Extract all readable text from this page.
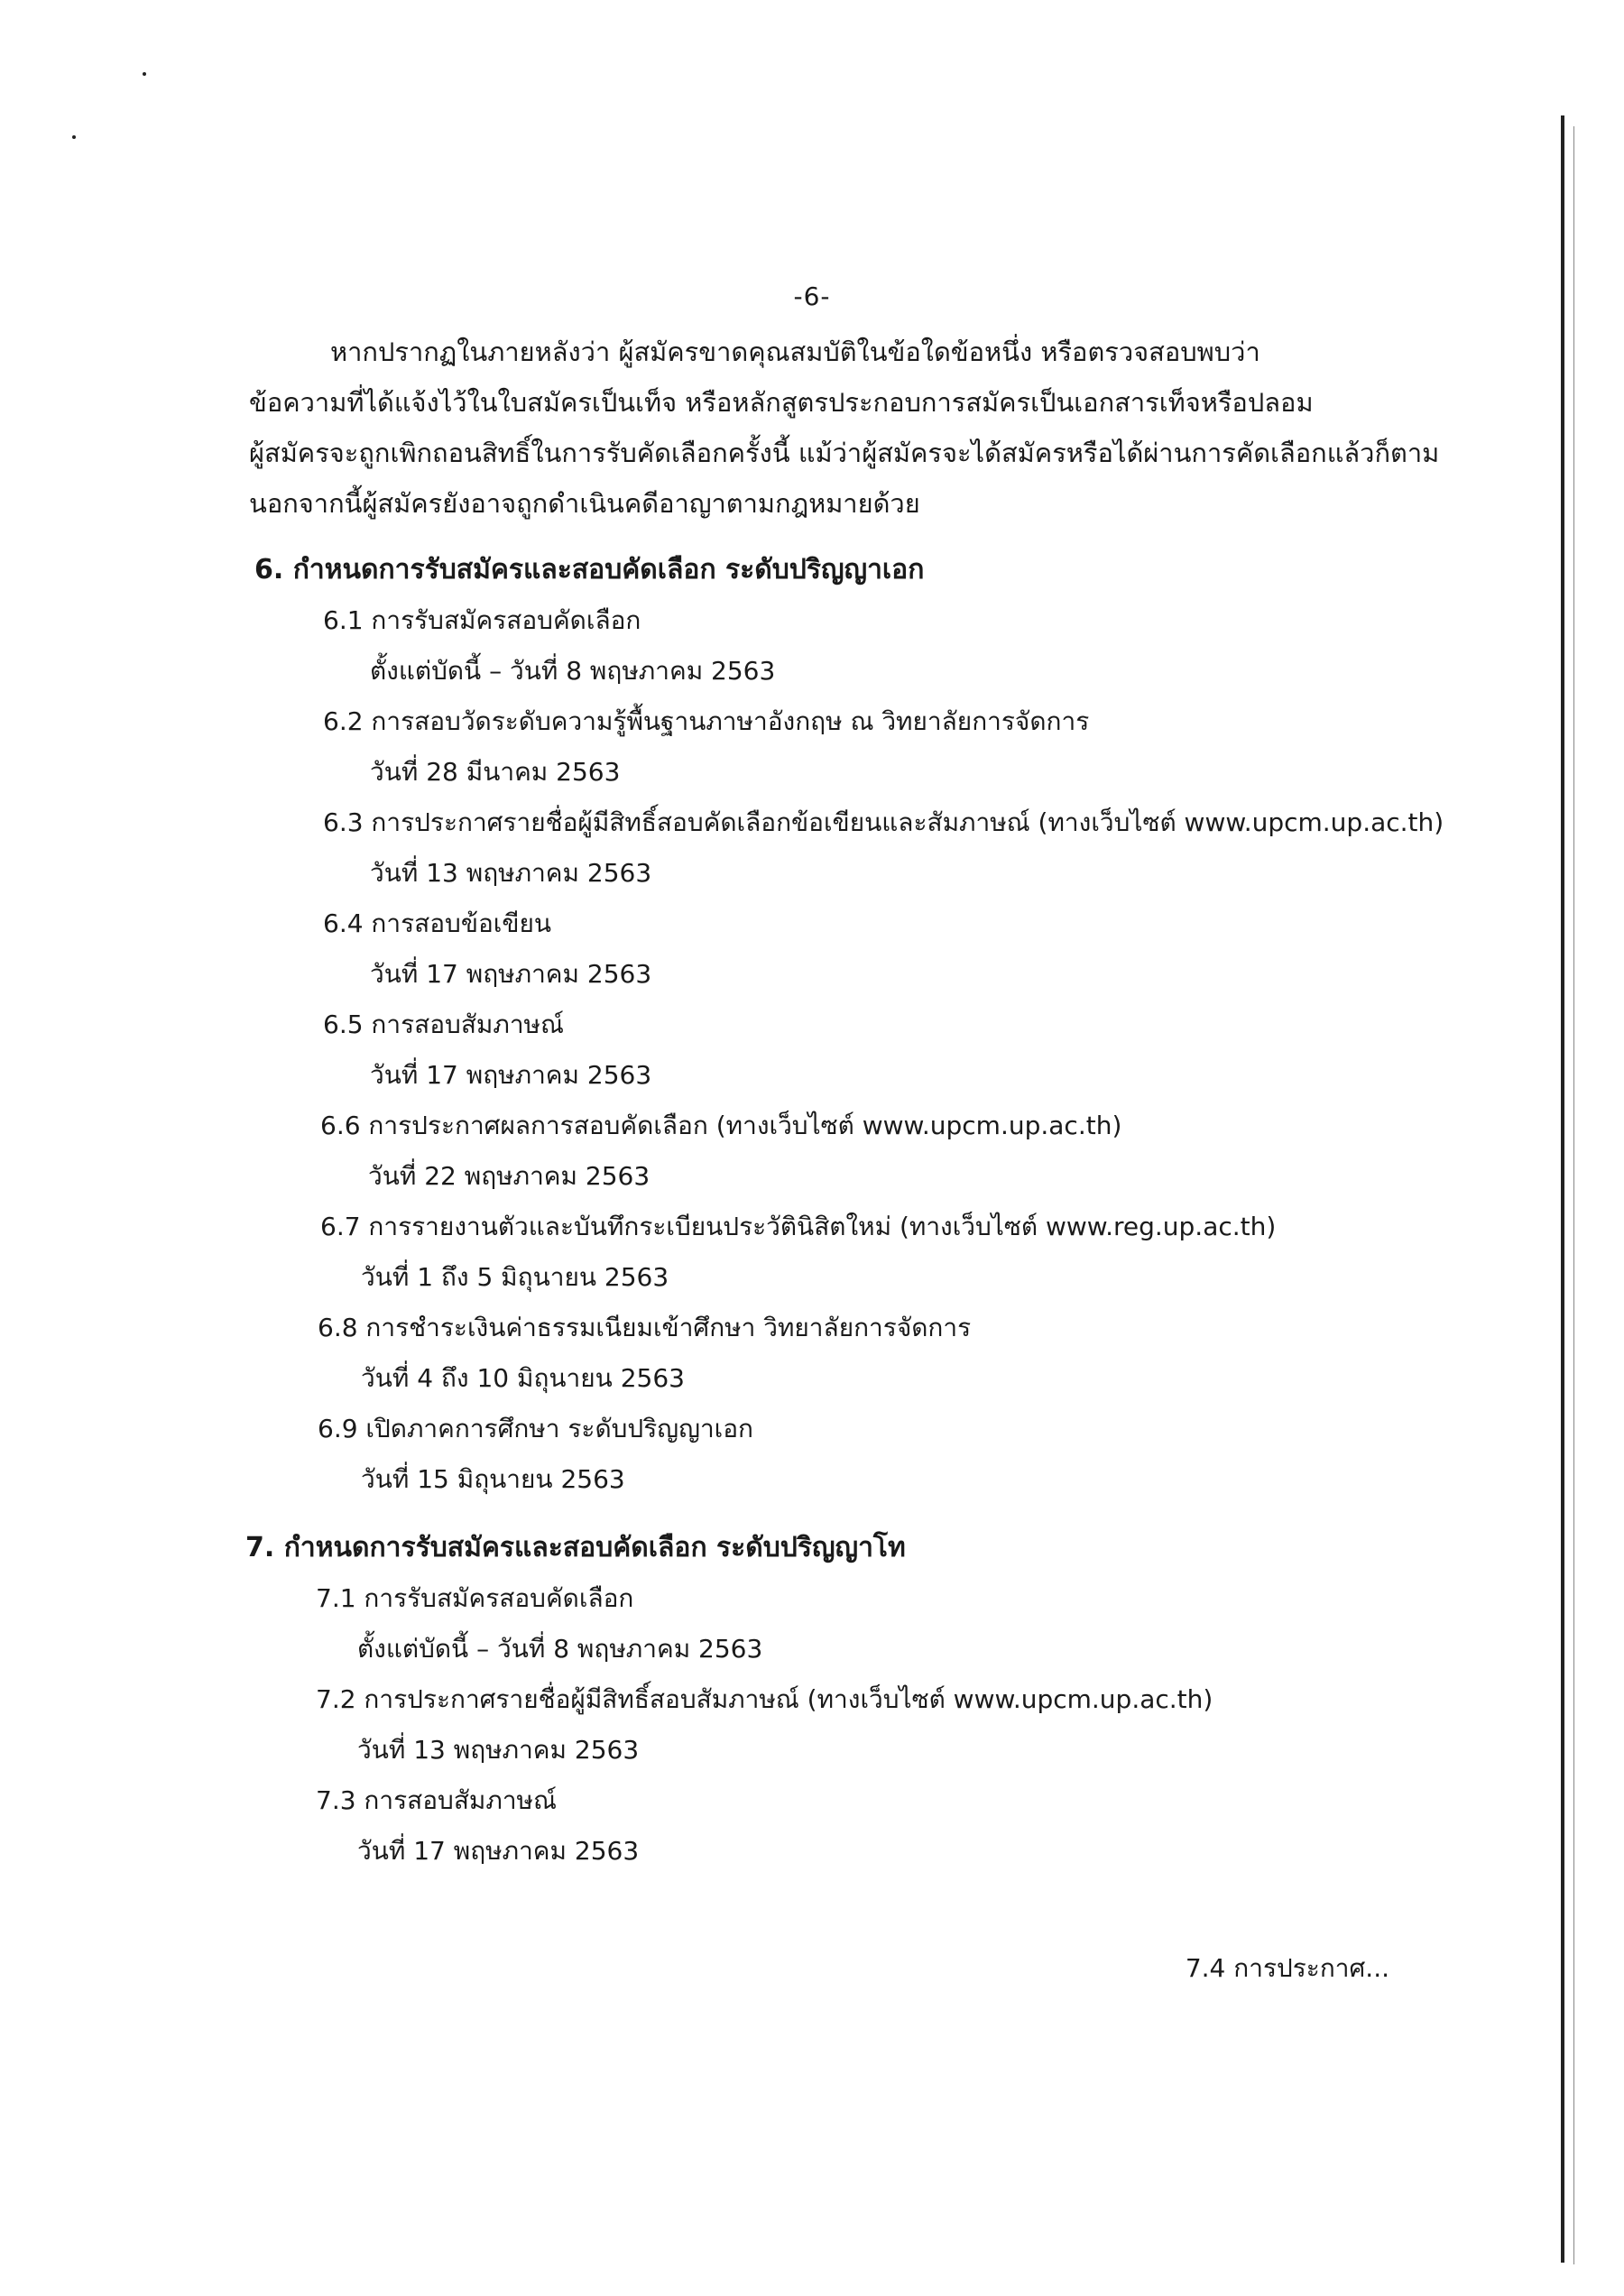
-6-
หากปรากฏในภายหลังว่า ผู้สมัครขาดคุณสมบัติในข้อใดข้อหนึ่ง หรือตรวจสอบพบว่า
ข้อความที่ได้แจ้งไว้ในใบสมัครเป็นเท็จ หรือหลักสูตรประกอบการสมัครเป็นเอกสารเท็จหรือปลอม
ผู้สมัครจะถูกเพิกถอนสิทธิ์ในการรับคัดเลือกครั้งนี้ แม้ว่าผู้สมัครจะได้สมัครหรือได้ผ่านการคัดเลือกแล้วก็ตาม
นอกจากนี้ผู้สมัครยังอาจถูกดำเนินคดีอาญาตามกฎหมายด้วย
6. กำหนดการรับสมัครและสอบคัดเลือก ระดับปริญญาเอก
6.1 การรับสมัครสอบคัดเลือก
ตั้งแต่บัดนี้ – วันที่ 8 พฤษภาคม 2563
6.2 การสอบวัดระดับความรู้พื้นฐานภาษาอังกฤษ ณ วิทยาลัยการจัดการ
วันที่ 28 มีนาคม 2563
6.3 การประกาศรายชื่อผู้มีสิทธิ์สอบคัดเลือกข้อเขียนและสัมภาษณ์ (ทางเว็บไซต์ www.upcm.up.ac.th)
วันที่ 13 พฤษภาคม 2563
6.4 การสอบข้อเขียน
วันที่ 17 พฤษภาคม 2563
6.5 การสอบสัมภาษณ์
วันที่ 17 พฤษภาคม 2563
6.6 การประกาศผลการสอบคัดเลือก (ทางเว็บไซต์ www.upcm.up.ac.th)
วันที่ 22 พฤษภาคม 2563
6.7 การรายงานตัวและบันทึกระเบียนประวัตินิสิตใหม่ (ทางเว็บไซต์ www.reg.up.ac.th)
วันที่ 1 ถึง 5 มิถุนายน 2563
6.8 การชำระเงินค่าธรรมเนียมเข้าศึกษา วิทยาลัยการจัดการ
วันที่ 4 ถึง 10 มิถุนายน 2563
6.9 เปิดภาคการศึกษา ระดับปริญญาเอก
วันที่ 15 มิถุนายน 2563
7. กำหนดการรับสมัครและสอบคัดเลือก ระดับปริญญาโท
7.1 การรับสมัครสอบคัดเลือก
ตั้งแต่บัดนี้ – วันที่ 8 พฤษภาคม 2563
7.2 การประกาศรายชื่อผู้มีสิทธิ์สอบสัมภาษณ์ (ทางเว็บไซต์ www.upcm.up.ac.th)
วันที่ 13 พฤษภาคม 2563
7.3 การสอบสัมภาษณ์
วันที่ 17 พฤษภาคม 2563
7.4 การประกาศ...
